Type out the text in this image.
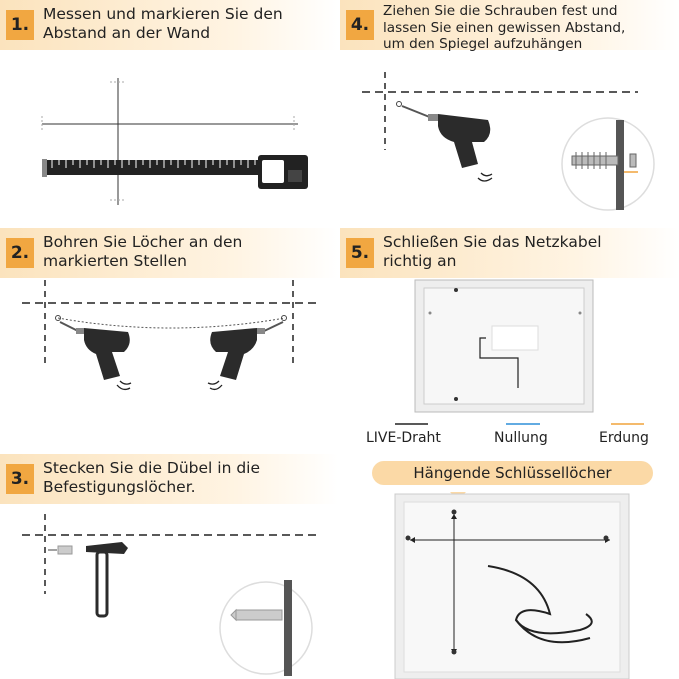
1.
Messen und markieren Sie den
Abstand an der Wand
2.
Bohren Sie Löcher an den
markierten Stellen
3.
Stecken Sie die Dübel in die
Befestigungslöcher.
4.
Ziehen Sie die Schrauben fest und
lassen Sie einen gewissen Abstand,
um den Spiegel aufzuhängen
5.
Schließen Sie das Netzkabel
richtig an
LIVE-Draht	Nullung	Erdung
Hängende Schlüssellöcher
